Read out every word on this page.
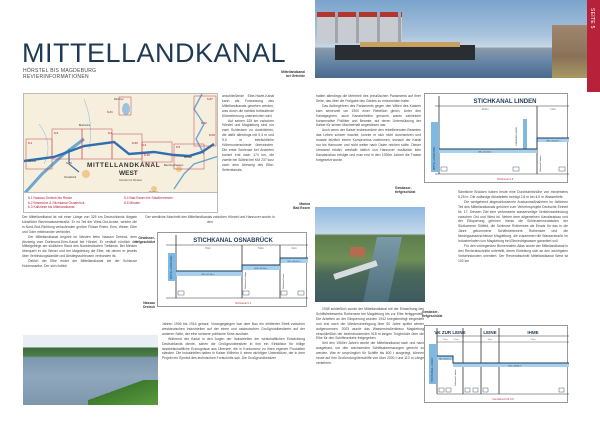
MITTELLANDKANAL
HÖRSTEL BIS MAGDEBURG
REVIERINFORMATIONEN
MITTELLANDKANAL
WEST
Hörstel bis Minden
Hörstel
Osnabrück
Bad Oeynhausen
Minden
Bramsche
Dümmer
6.1
6.2	6.3
6.4	6.5
6.20
6.21
6.22
6.27
6.30
6.40
6.50
6.1 Nassau Dreieck bis Recke
6.2 Bramsche & Stichkanal Osnabrück
6.3 Kalkriese bis Mittelandkanal
6.4 Bad Essen bis Stadthemmern
6.5 Minden

Der Mittellandkanal ist mit einer Länge von 325 km Deutschlands längste künstliche Binnenwasserstraße. Er ist Teil der West-Ost-Achse, welche die in Nord-Süd-Richtung verlaufenden großen Flüsse Rhein, Ems, Weser, Elbe und Oder miteinander verbindet.

Der Mittellandkanal beginnt im Westen beim Nassen Dreieck, dem Abzweig vom Dortmund-Ems-Kanal bei Hörstel. Er verläuft nördlich der Mittelgebirge am südlichen Rand des Norddeutschen Tieflands. Bei Minden überquert er die Weser und bei Magdeburg die Elbe, mit denen er jeweils über Verbindungskanäle und Abstiegsschleusen verbunden ist.

Östlich der Elbe endet der Mittellandkanal bei der Schleuse Hohenwarthe. Der sich östlich

anschließende Elbe-Havel-Kanal kann als Fortsetzung des Mittellandkanals gesehen werden, was durch die nahtlos fortlaufende Kilometrierung unterstrichen wird.

Auf seinen 325 km zwischen Hörstel und Magdeburg sind nur zwei Schleusen zu durchfahren, die dafür allerdings mit 9,3 m und 9,0 m beträchtliche Höhenunterschiede überwinden. Die erste Schleuse bei Anderten kommt erst nach 174 km, die zweite bei Sülfeld bei KM 237 kurz nach dem Abzweig des Elbe-Seitenkanals.

Der westliche Abschnitt des Mittellandkanals zwischen Hörstel und Hannover wurde in den

Mittellandkanal
bei Getreide
Marina
Bad Essen
Gewässer-
tiefgeschützt
Nassau
Dreieck
Gewässer-
tiefgeschützt
Gewässer-
tiefgeschützt
STICHKANAL OSNABRÜCK
8 km	5 km	3 km
MITTELLANDKANAL	NN +50,30 m
NN +59,30 m
NN +68,00 m
Schleuse Hollage	Schleuse Haste
Stichkanal 6.2

Jahren 1906 bis 1916 gebaut. Vorangegangen war dem Bau ein erbitterter Streit zwischen westdeutschen Industriellen auf der einen und ostdeutschen Großgrundbesitzern auf der anderen Seite, der eine schwere politische Krise auslöste.

Während der Kanal in den Augen der Industriellen der wirtschaftlichen Entwicklung Deutschlands diente, sahen die Großgrundbesitzer in ihm ein Einfallstor für billige landwirtschaftliche Erzeugnisse aus Übersee, die in Konkurrenz zu ihren eigenen Produkten standen. Die Industriellen hatten in Kaiser Wilhelm II. einen wichtigen Unterstützer, der in dem Projekt ein Symbol des technischen Fortschritts sah. Die Großgrundbesitzer

SEITE 5

hatten allerdings die Mehrheit des preußischen Parlaments auf ihrer Seite, das über die Freigabe des Geldes zu entscheiden hatte.

Das Aufbegehren des Parlaments gegen den Willen des Kaisers kam seinerzeit um 1900 einer Rebellion gleich. Unter den Kanalgegnern, auch Kanalrebellen genannt, waren zahlreiche konservative Politiker und Beamte, auf deren Unterstützung der Kaiser für seinen Machterhalt angewiesen war.

Auch wenn der Kaiser insbesondere den rebellierenden Beamten das Leben schwer machte, konnte er sich nicht durchsetzen und musste letztlich einem Kompromiss zustimmen, wonach der Kanal nur bis Hannover und nicht weiter nach Osten reichen sollte. Dieser Umstand erklärt, weshalb östlich von Hannover zusätzlich kein Kanalausbau erfolgte und man erst in den 1930er Jahren die Trasse fortgesetzt wurde.

STICHKANAL LINDEN
10 km	1 km
MITTELLANDKANAL
LINDENER HAFEN
NN +50,30 m
NN +56,00 m
Schleuse Linden
Stichkanal 6.8

1938 schließlich wurde der Mittellandkanal mit der Einweihung des Schiffshebewerks Rothensee bei Magdeburg bis zur Elbe fertiggestellt. Die Arbeiten an der Elbquerung wurden 1942 kriegsbedingt eingestellt und erst nach der Wiedervereinigung über 50 Jahre später wieder aufgenommen. 2003 wurde das Wasserstraßenkreuz Magdeburg einschließlich der beeindruckenden 918 m langen Trogbrücke über die Elbe für den Schiffsverkehr freigegeben.

Seit den 1960er Jahren wurde der Mittellandkanal nach und nach ausgebaut, um den wachsenden Schiffsabmessungen gerecht zu werden. War er ursprünglich für Schiffe bis 600 t ausgelegt, können heute auf ihm Großmotorgüterschiffe von über 2000 t und 110 m Länge verkehren.

Sämtliche Brücken haben heute eine Durchfahrtshöhe von mindestens 5,25 m. Die zulässige Abladetiefe beträgt 2,8 m bei 4,0 m Wassertiefe.

Die weitgehend abgeschlossenen Ausbaumaßnahmen im östlichen Teil des Mittellandkanals gehören zum Verkehrsprojekt Deutsche Einheit Nr. 17. Dessen Ziel eine verbesserte wasserseitige Verkehrsanbindung zwischen Ost und West ist. Neben dem allgemeinen Kanalausbau und der Elbquerung gehören hierzu die Schleusenneubauten der Südkammer Sülfeld, die Schleuse Rothensee als Ersatz für das in die Jahre gekommene Schiffshebewerk Rothensee und die Niedrigwasserschleuse Magdeburg, die zusammen die Wasserstraße im Industriehafen von Magdeburg bei Elbniedrigwasser garantiert soll.

Für den vorliegenden Binnenhafen-Atlas wurde der Mittellandkanal in drei Revierabschnitte unterteilt, deren Einteilung sich an den wichtigsten Verkehrsknoten orientiert. Der Revierabschnitt Mittellandkanal West ist 102 km

VK ZUR LEINE	LEINE	IHME
1 km	2 km	3 km	4 km
STICHKANAL LINDEN	NN +56,00 m
NN +48,80 m
Schleuse Linden
Kanalabschnitt 6.8
